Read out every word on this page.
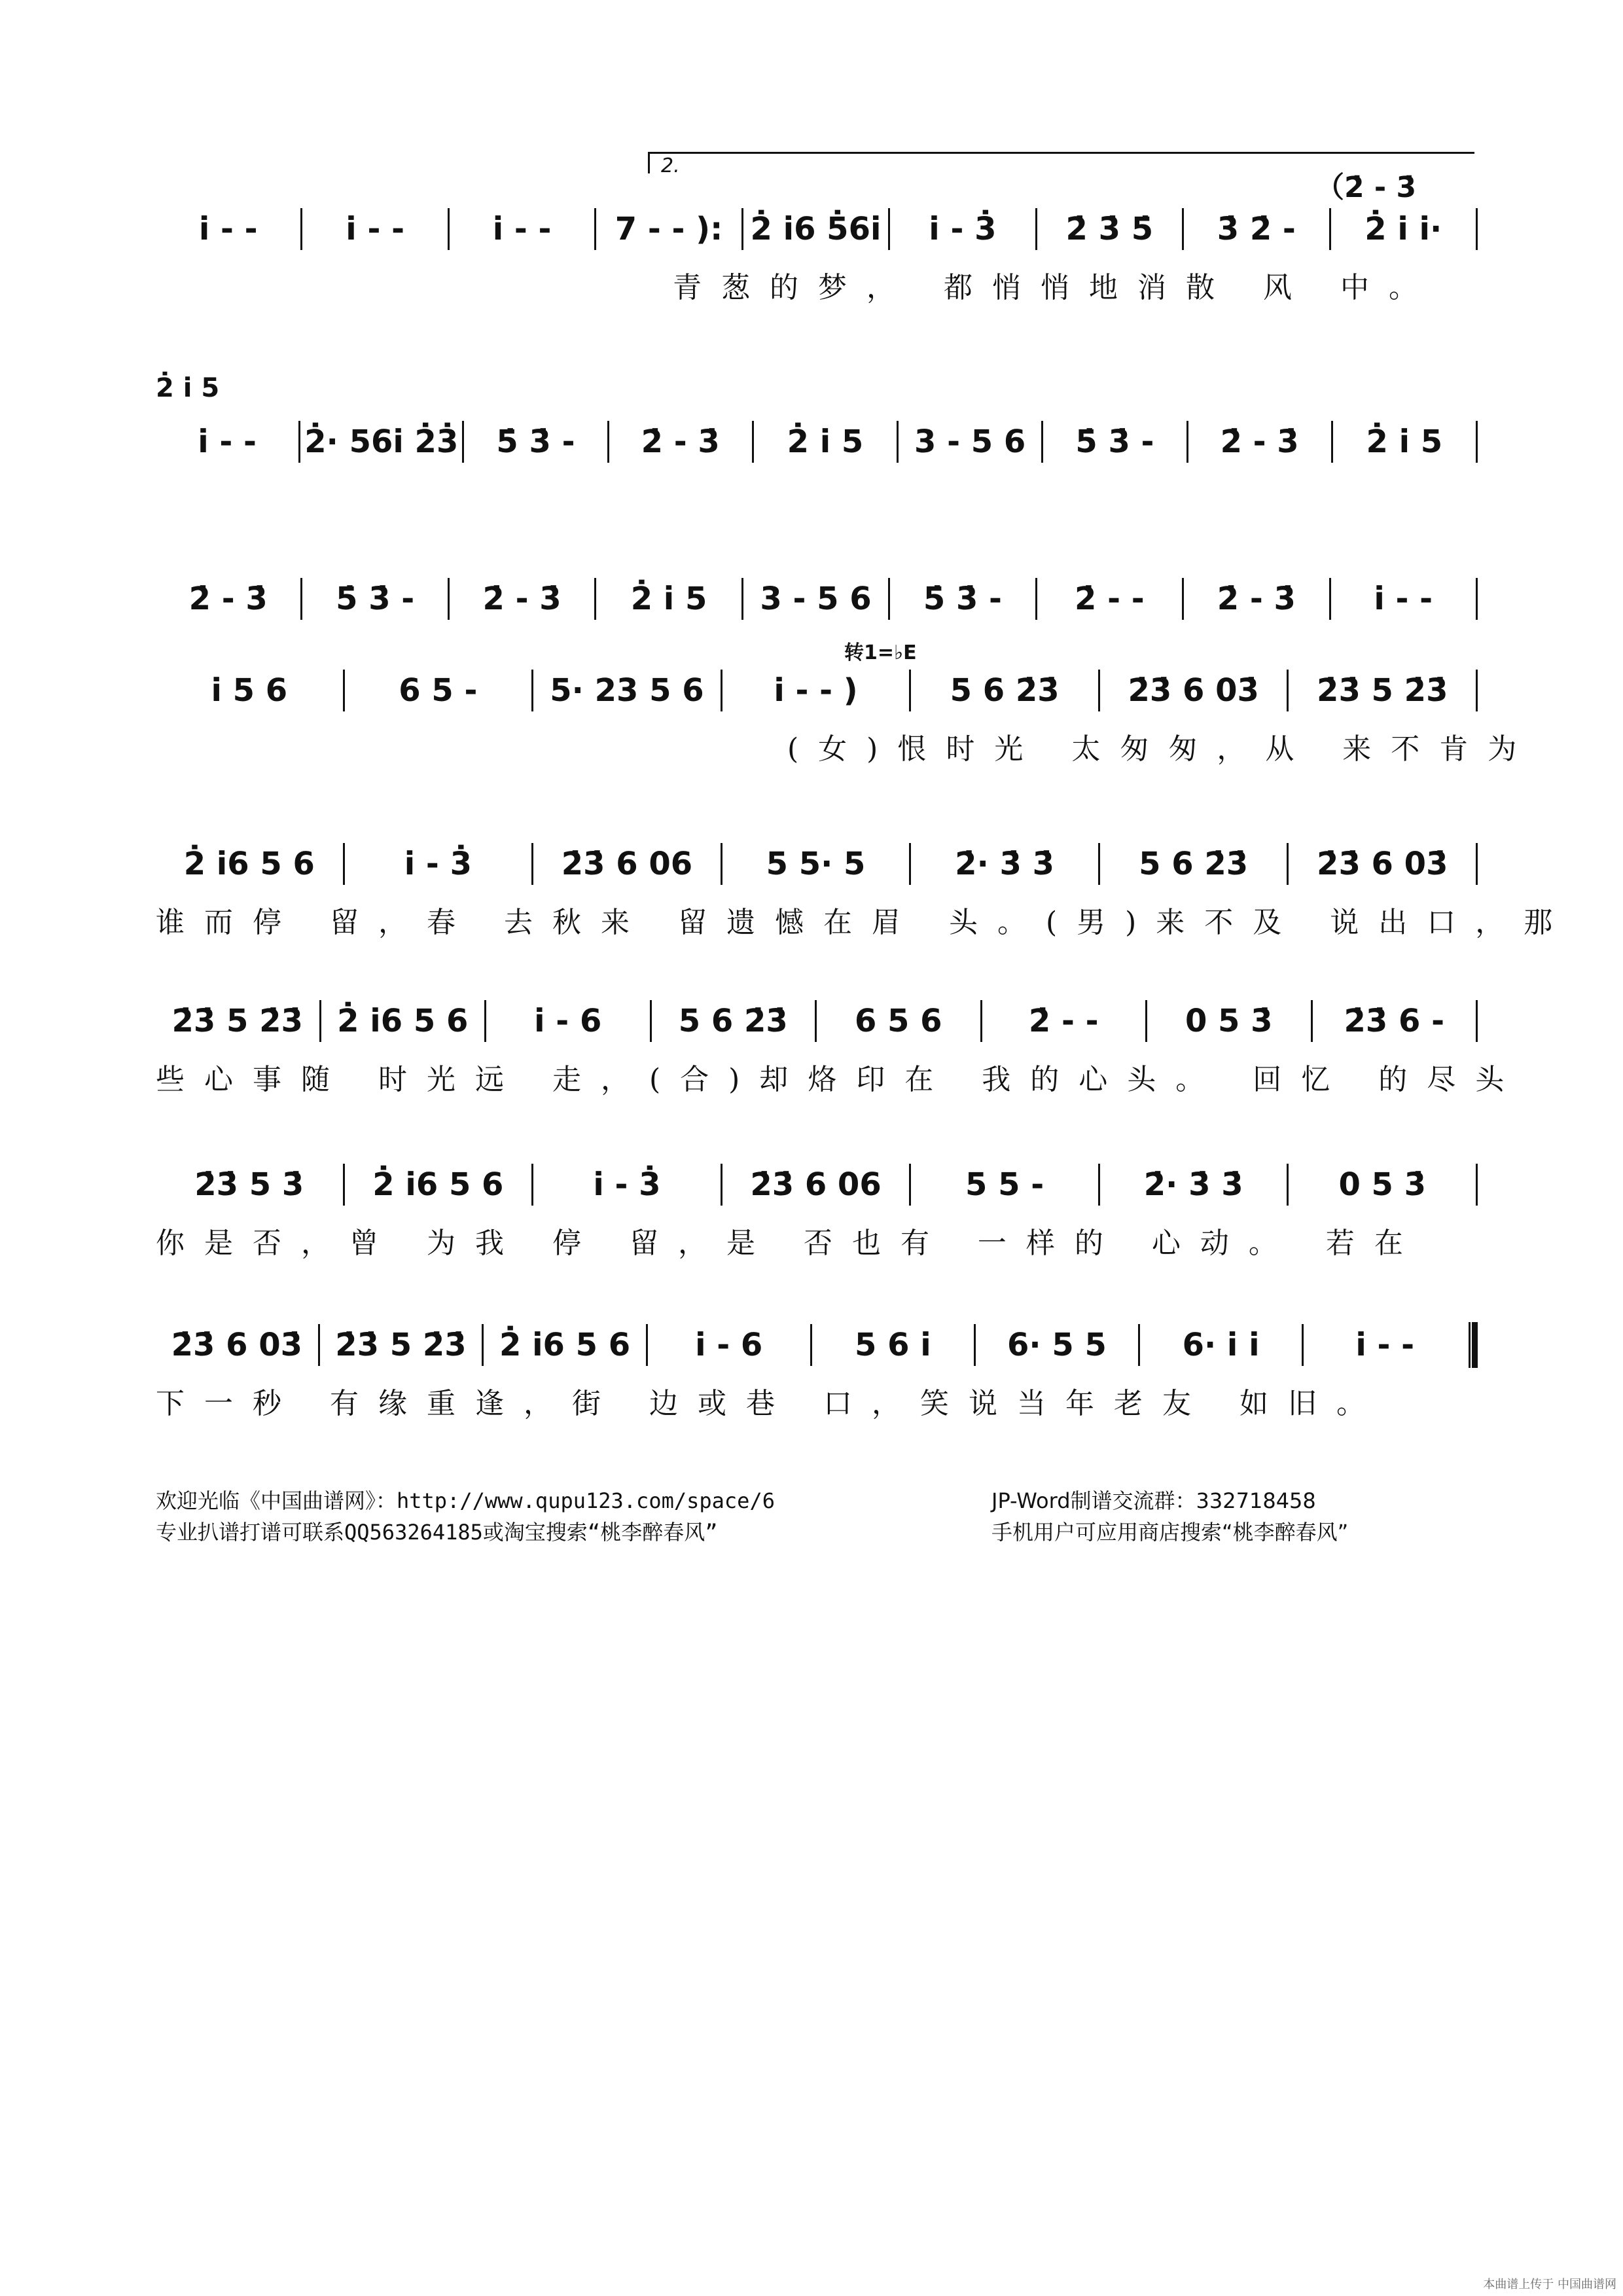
2.
（2̇ - 3̇
2̇ i̇ 5
转1=♭E
i̇ - -	i̇ - -	i̇ - -	7 - - ): 2̇ i̇6 5̇6i̇	i̇ - 3̇	2̇ 3̇ 5̇	3̇ 2̇ -	2̇ i̇ i̇·
青葱的梦， 都悄悄地消散 风 中。
i̇ - -	2̇· 56i̇ 2̇3̇	5̇ 3̇ -	2̇ - 3̇	2̇ i̇ 5	3 - 5 6	5̇ 3̇ -	2̇ - 3̇	2̇ i̇ 5
2̇ - 3̇	5̇ 3̇ -	2̇ - 3̇	2̇ i̇ 5	3 - 5 6	5̇ 3̇ -	2̇ - -	2̇ - 3̇	i̇ - -
i̇ 5 6	6 5 -	5· 23 5 6	i̇ - - )	5 6 2̇3̇	2̇3̇ 6 03̇	2̇3̇ 5 2̇3̇
(女)恨时光 太匆匆，从 来不肯为
2̇ i̇6 5 6	i̇ - 3̇	2̇3̇ 6 06	5 5· 5	2̇· 3̇ 3̇	5 6 2̇3̇	2̇3̇ 6 03̇
谁而停 留，春 去秋来 留遗憾在眉 头。(男)来不及 说出口，那
2̇3̇ 5 2̇3̇	2̇ i̇6 5 6	i̇ - 6	5 6 2̇3̇	6 5 6	2̇ - -	0 5 3̇	2̇3̇ 6 -
些心事随 时光远 走，(合)却烙印在 我的心头。 回忆 的尽头
2̇3̇ 5 3̇	2̇ i̇6 5 6	i̇ - 3̇	2̇3̇ 6 06	5 5 -	2̇· 3̇ 3̇	0 5 3̇
你是否，曾 为我 停 留，是 否也有 一样的 心动。 若在
2̇3̇ 6 03̇	2̇3̇ 5 2̇3̇	2̇ i̇6 5 6	i̇ - 6	5 6 i̇	6· 5 5	6· i̇ i̇	i̇ - -
下一秒 有缘重逢，街 边或巷 口，笑说当年老友 如旧。
欢迎光临《中国曲谱网》：http://www.qupu123.com/space/6
专业扒谱打谱可联系QQ563264185或淘宝搜索“桃李醉春风”
JP-Word制谱交流群：332718458
手机用户可应用商店搜索“桃李醉春风”
本曲谱上传于 中国曲谱网
